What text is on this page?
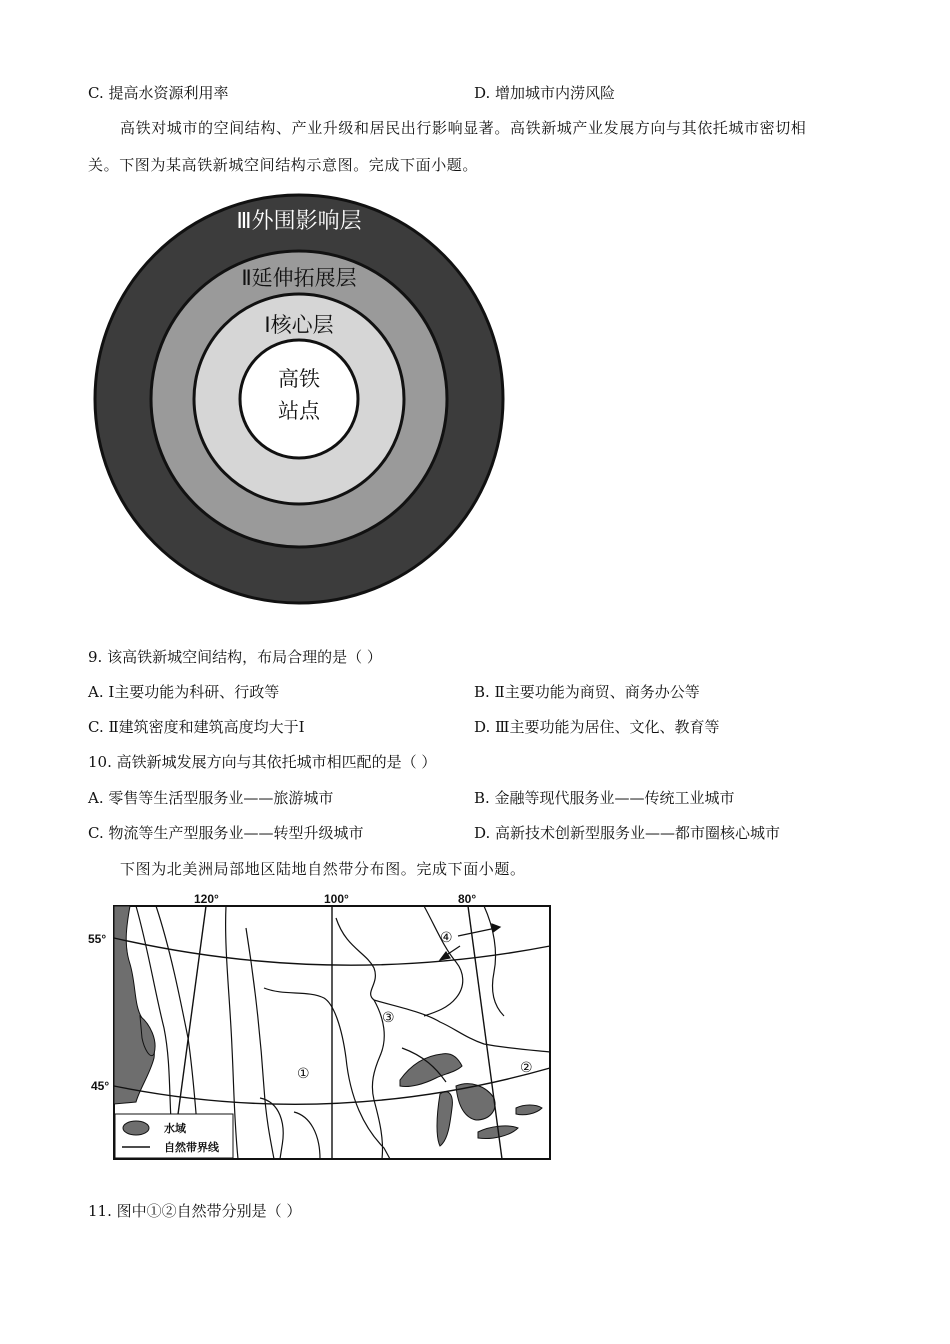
C. 提高水资源利用率	D. 增加城市内涝风险
高铁对城市的空间结构、产业升级和居民出行影响显著。高铁新城产业发展方向与其依托城市密切相
关。下图为某高铁新城空间结构示意图。完成下面小题。
Ⅲ外围影响层
Ⅱ延伸拓展层
Ⅰ核心层
高铁
站点
9. 该高铁新城空间结构，布局合理的是（ ）
A. Ⅰ主要功能为科研、行政等	B. Ⅱ主要功能为商贸、商务办公等
C. Ⅱ建筑密度和建筑高度均大于Ⅰ	D. Ⅲ主要功能为居住、文化、教育等
10. 高铁新城发展方向与其依托城市相匹配的是（ ）
A. 零售等生活型服务业——旅游城市	B. 金融等现代服务业——传统工业城市
C. 物流等生产型服务业——转型升级城市	D. 高新技术创新型服务业——都市圈核心城市
下图为北美洲局部地区陆地自然带分布图。完成下面小题。
120°	100°	80°
55°
45°
①	②
③
④
水域
自然带界线
11. 图中①②自然带分别是（ ）
